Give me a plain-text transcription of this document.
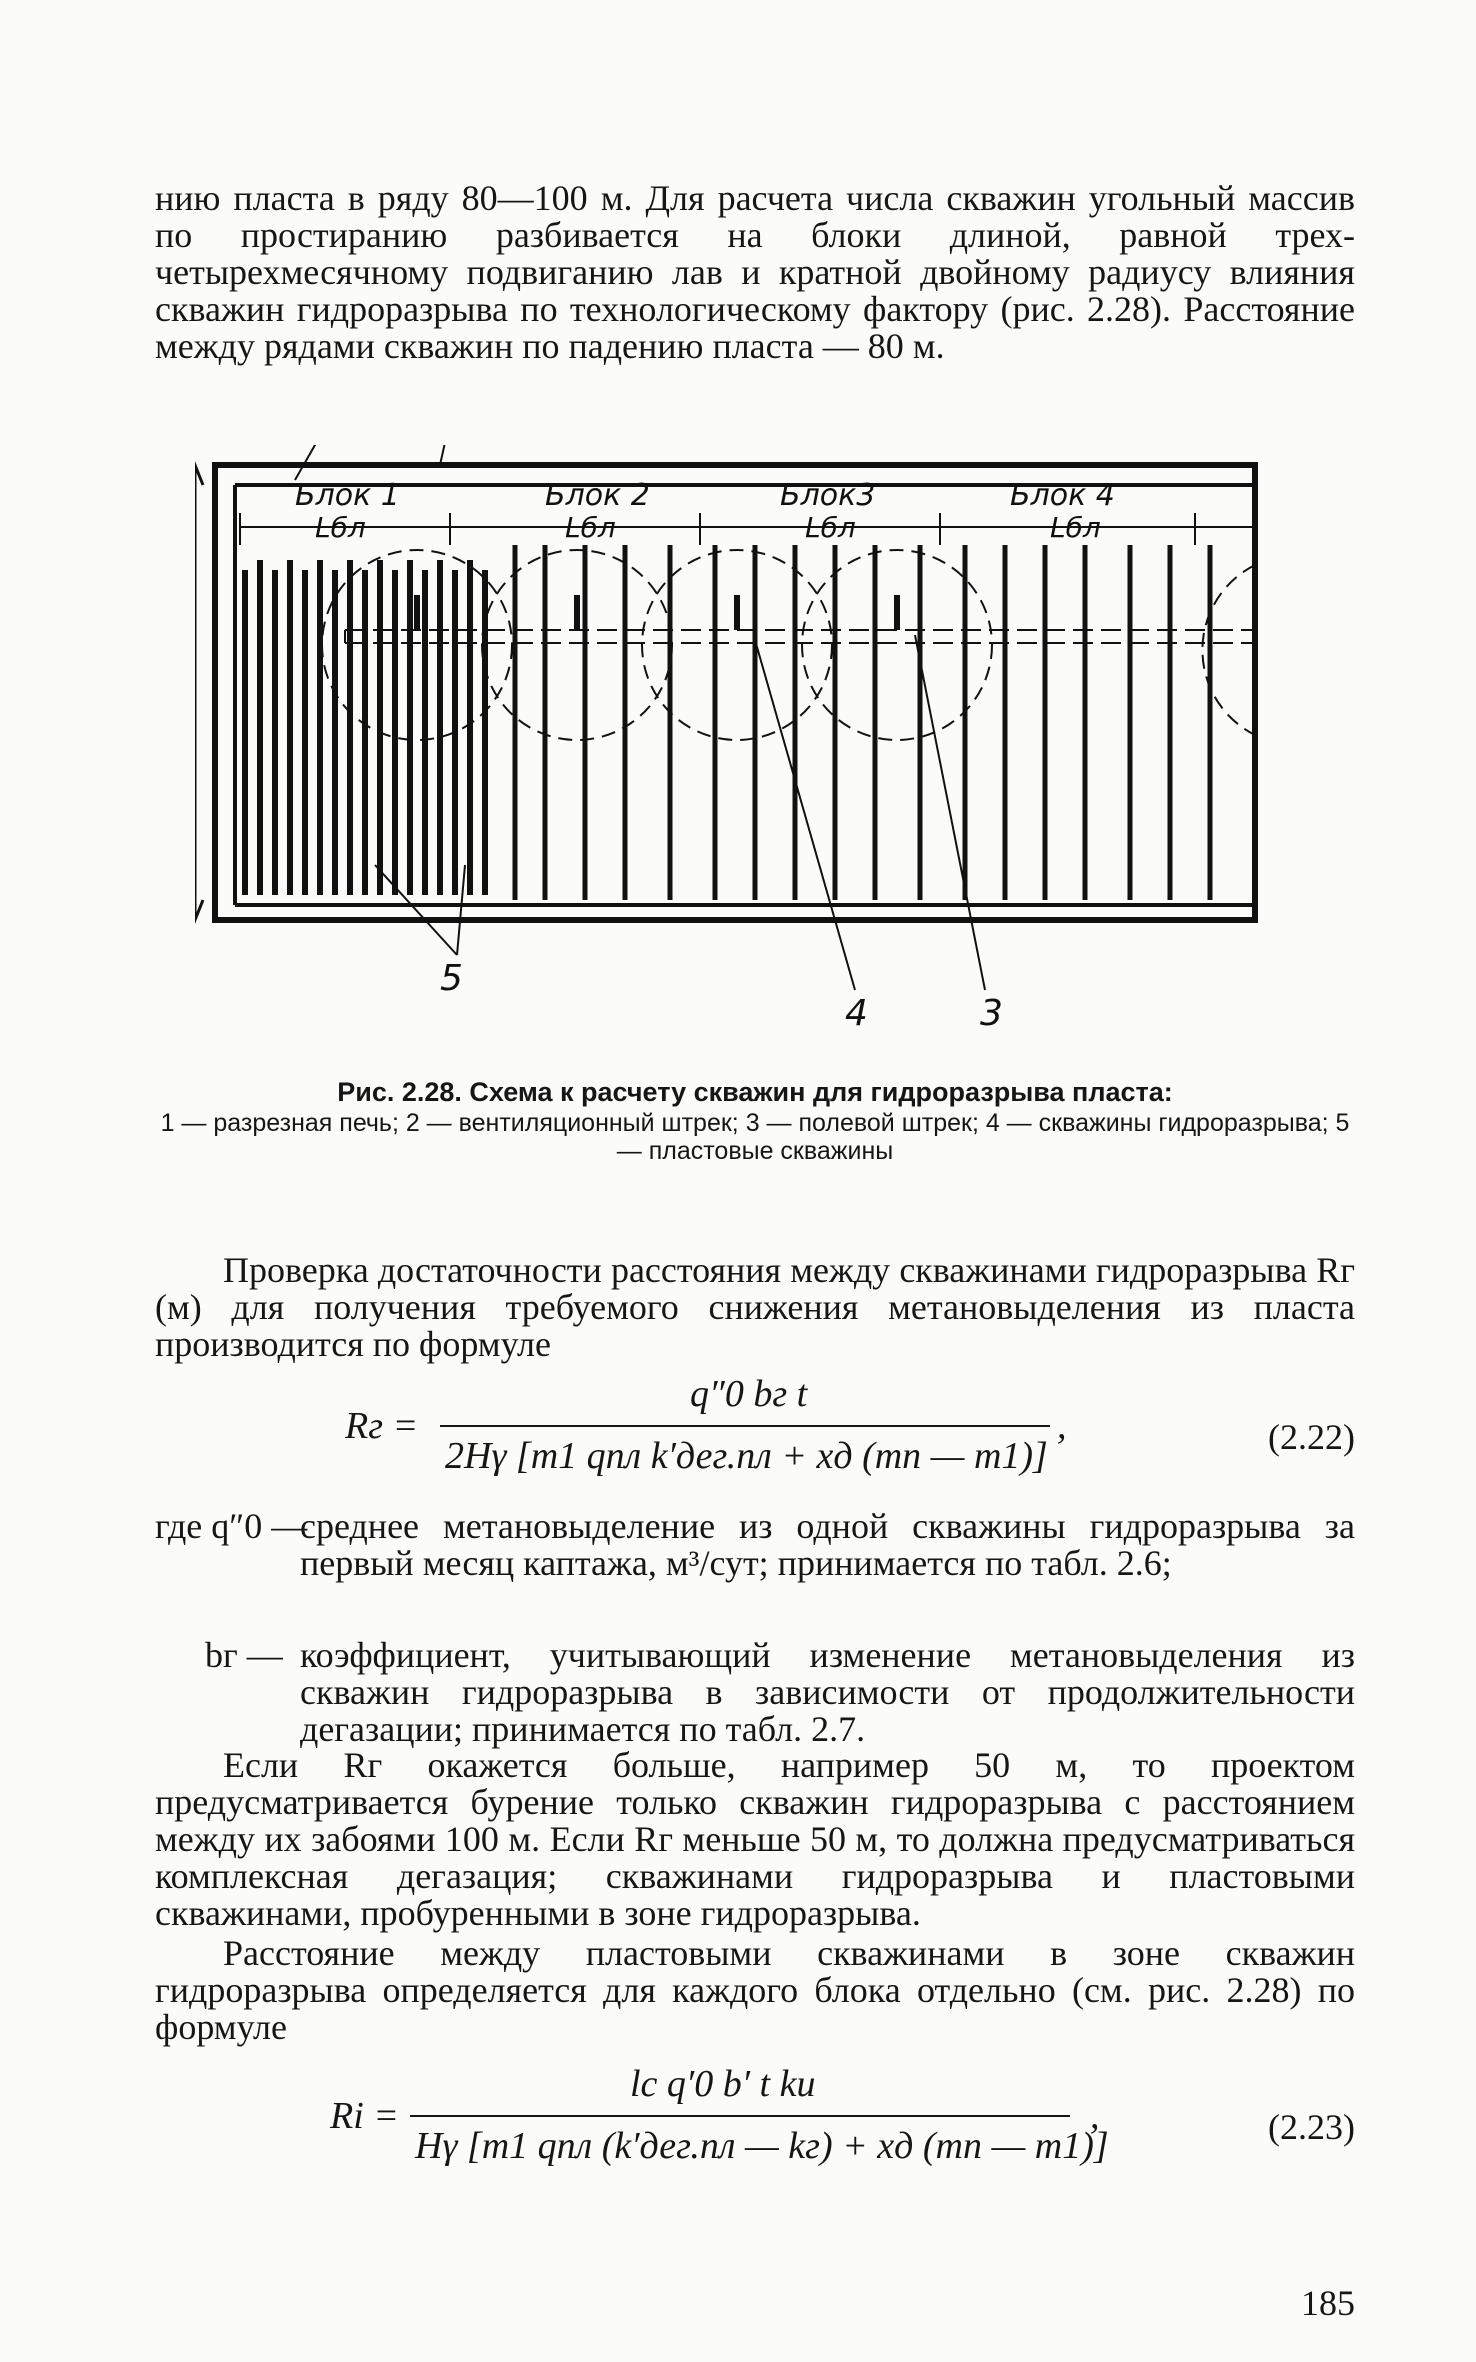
нию пласта в ряду 80—100 м. Для расчета числа скважин угольный массив по простиранию разбивается на блоки длиной, равной трех-четырехмесячному подвиганию лав и кратной двойному радиусу влияния скважин гидроразрыва по технологическому фактору (рис. 2.28). Расстояние между рядами скважин по падению пласта — 80 м.

Блок 1	Блок 2	Блок3	Блок 4
Lбл	Lбл	Lбл	Lбл
5
4	3
Рис. 2.28. Схема к расчету скважин для гидроразрыва пласта:
1 — разрезная печь; 2 — вентиляционный штрек; 3 — полевой штрек; 4 — скважины гидроразрыва; 5 — пластовые скважины

Проверка достаточности расстояния между скважинами гидроразрыва Rг (м) для получения требуемого снижения метановыделения из пласта производится по формуле

Rг =
q″0 bг t
2Hγ [m1 qпл k′дег.пл + xд (mп — m1)]
,	(2.22)
где q″0 —
среднее метановыделение из одной скважины гидроразрыва за первый месяц каптажа, м³/сут; принимается по табл. 2.6;
bг — коэффициент, учитывающий изменение метановыделения из скважин гидроразрыва в зависимости от продолжительности дегазации; принимается по табл. 2.7.

Если Rг окажется больше, например 50 м, то проектом предусматривается бурение только скважин гидроразрыва с расстоянием между их забоями 100 м. Если Rг меньше 50 м, то должна предусматриваться комплексная дегазация; скважинами гидроразрыва и пластовыми скважинами, пробуренными в зоне гидроразрыва.

Расстояние между пластовыми скважинами в зоне скважин гидроразрыва определяется для каждого блока отдельно (см. рис. 2.28) по формуле

Ri =
lс q′0 b′ t kи
Hγ [m1 qпл (k′дег.пл — kг) + xд (mп — m1)]
,	(2.23)
185
